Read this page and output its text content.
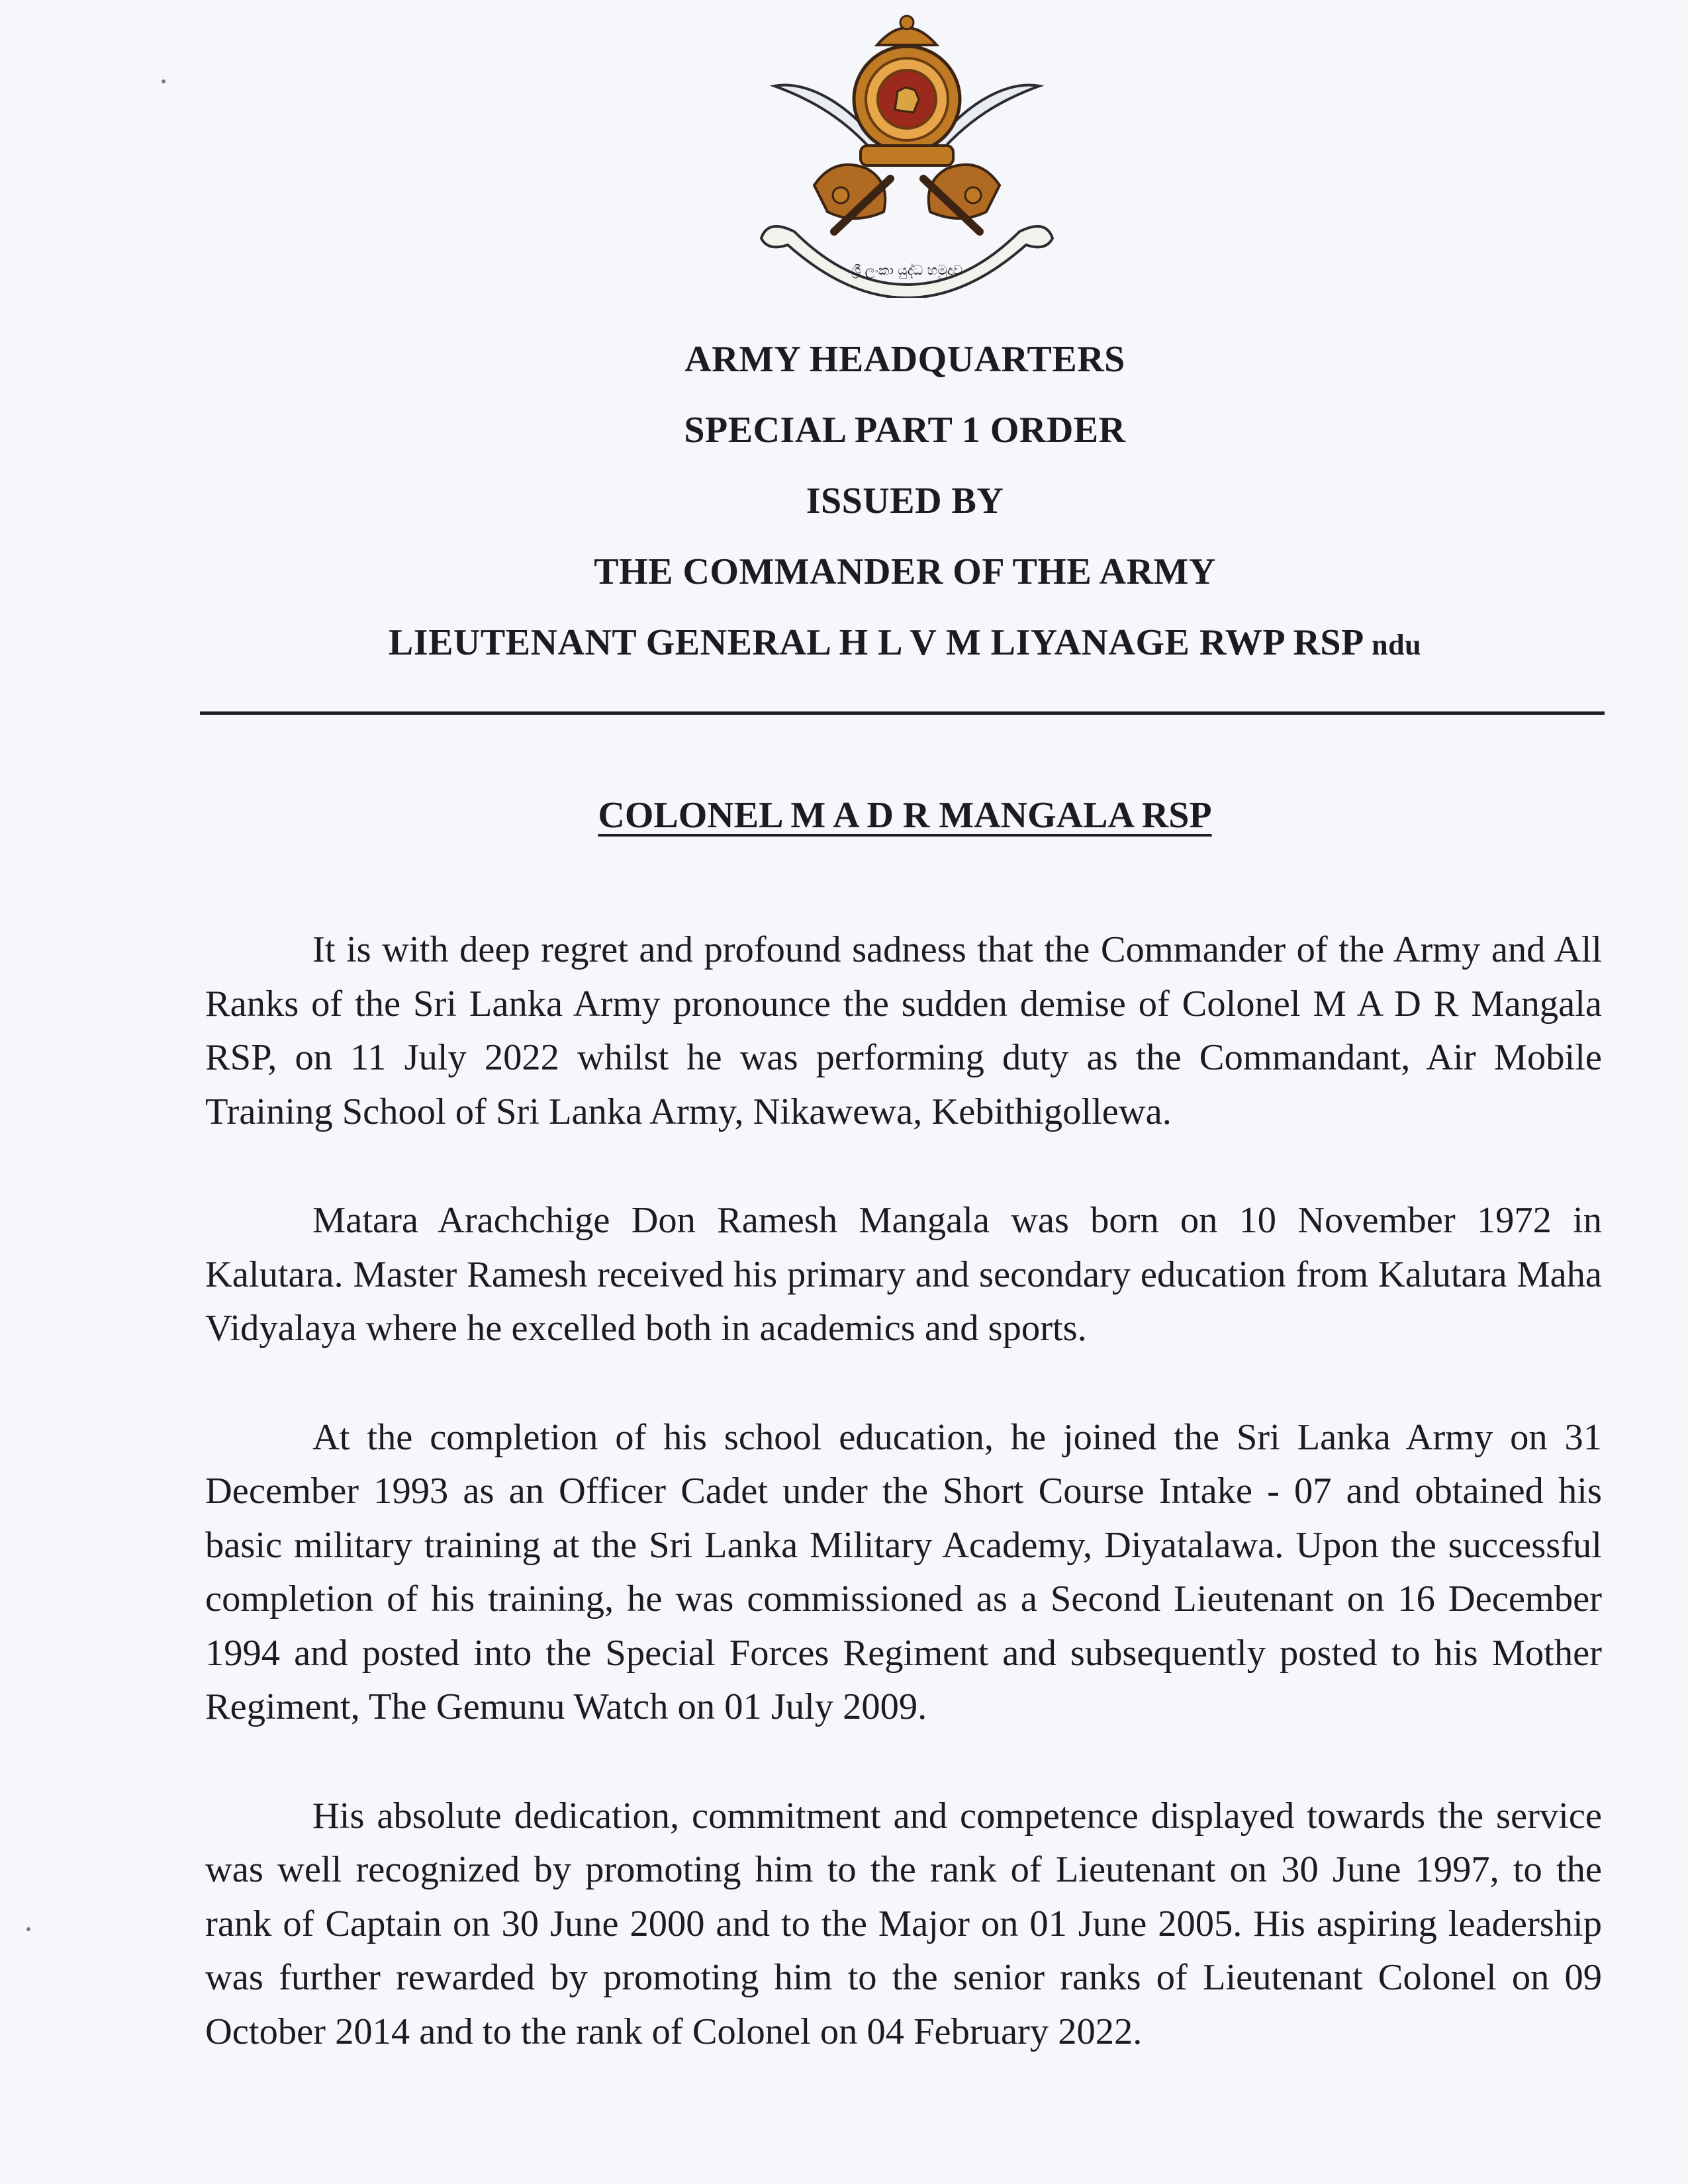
ශ්‍රී ලංකා යුද්ධ හමුදාව
ARMY HEADQUARTERS
SPECIAL PART 1 ORDER
ISSUED BY
THE COMMANDER OF THE ARMY
LIEUTENANT GENERAL H L V M LIYANAGE RWP RSP ndu
COLONEL M A D R MANGALA RSP

It is with deep regret and profound sadness that the Commander of the Army and All Ranks of the Sri Lanka Army pronounce the sudden demise of Colonel M A D R Mangala RSP, on 11 July 2022 whilst he was performing duty as the Commandant, Air Mobile Training School of Sri Lanka Army, Nikawewa, Kebithigollewa.

Matara Arachchige Don Ramesh Mangala was born on 10 November 1972 in Kalutara. Master Ramesh received his primary and secondary education from Kalutara Maha Vidyalaya where he excelled both in academics and sports.

At the completion of his school education, he joined the Sri Lanka Army on 31 December 1993 as an Officer Cadet under the Short Course Intake - 07 and obtained his basic military training at the Sri Lanka Military Academy, Diyatalawa. Upon the successful completion of his training, he was commissioned as a Second Lieutenant on 16 December 1994 and posted into the Special Forces Regiment and subsequently posted to his Mother Regiment, The Gemunu Watch on 01 July 2009.

His absolute dedication, commitment and competence displayed towards the service was well recognized by promoting him to the rank of Lieutenant on 30 June 1997, to the rank of Captain on 30 June 2000 and to the Major on 01 June 2005. His aspiring leadership was further rewarded by promoting him to the senior ranks of Lieutenant Colonel on 09 October 2014 and to the rank of Colonel on 04 February 2022.
